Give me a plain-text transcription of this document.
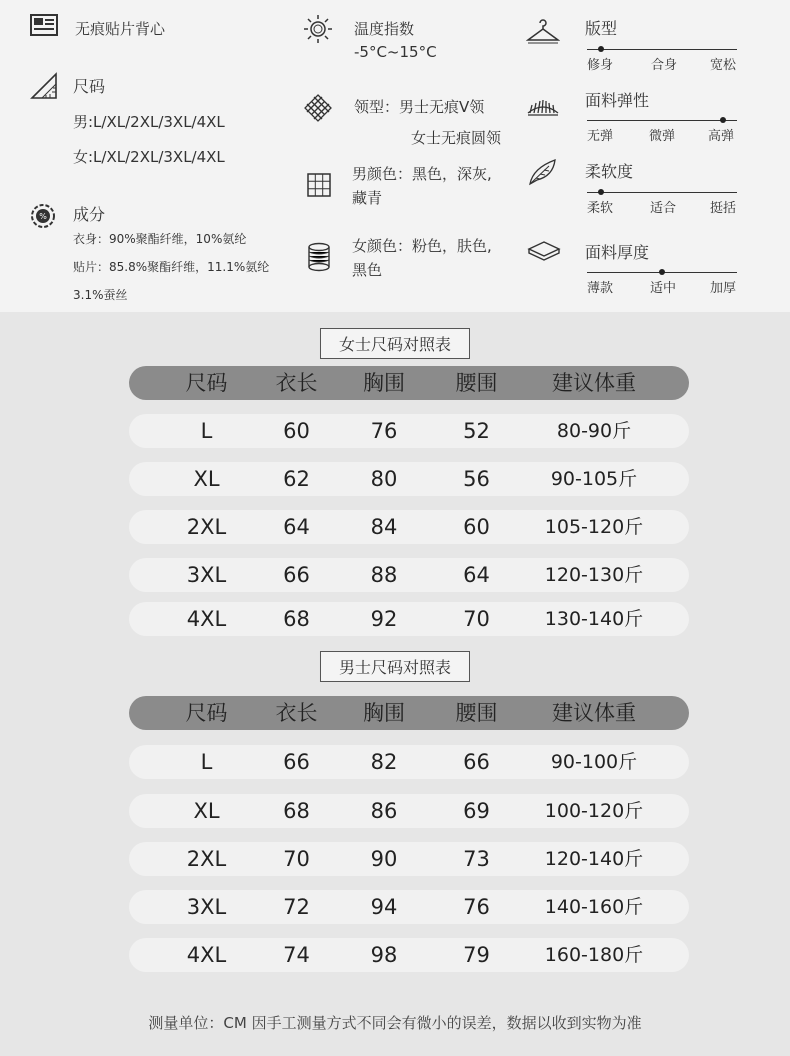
无痕贴片背心
尺码
男:L/XL/2XL/3XL/4XL
女:L/XL/2XL/3XL/4XL
% 成分
衣身：90%聚酯纤维，10%氨纶
贴片：85.8%聚酯纤维，11.1%氨纶
3.1%蚕丝
温度指数
-5°C~15°C
领型：男士无痕V领
女士无痕圆领
男颜色：黑色，深灰,
藏青
女颜色：粉色，肤色,
黑色
版型
修身	合身	宽松
面料弹性
无弹	微弹	高弹
柔软度
柔软	适合	挺括
面料厚度
薄款	适中	加厚
女士尺码对照表
尺码	衣长	胸围	腰围	建议体重
L	60	76	52	80-90斤
XL	62	80	56	90-105斤
2XL	64	84	60	105-120斤
3XL	66	88	64	120-130斤
4XL	68	92	70	130-140斤
男士尺码对照表
尺码	衣长	胸围	腰围	建议体重
L	66	82	66	90-100斤
XL	68	86	69	100-120斤
2XL	70	90	73	120-140斤
3XL	72	94	76	140-160斤
4XL	74	98	79	160-180斤
测量单位：CM 因手工测量方式不同会有微小的误差，数据以收到实物为准
